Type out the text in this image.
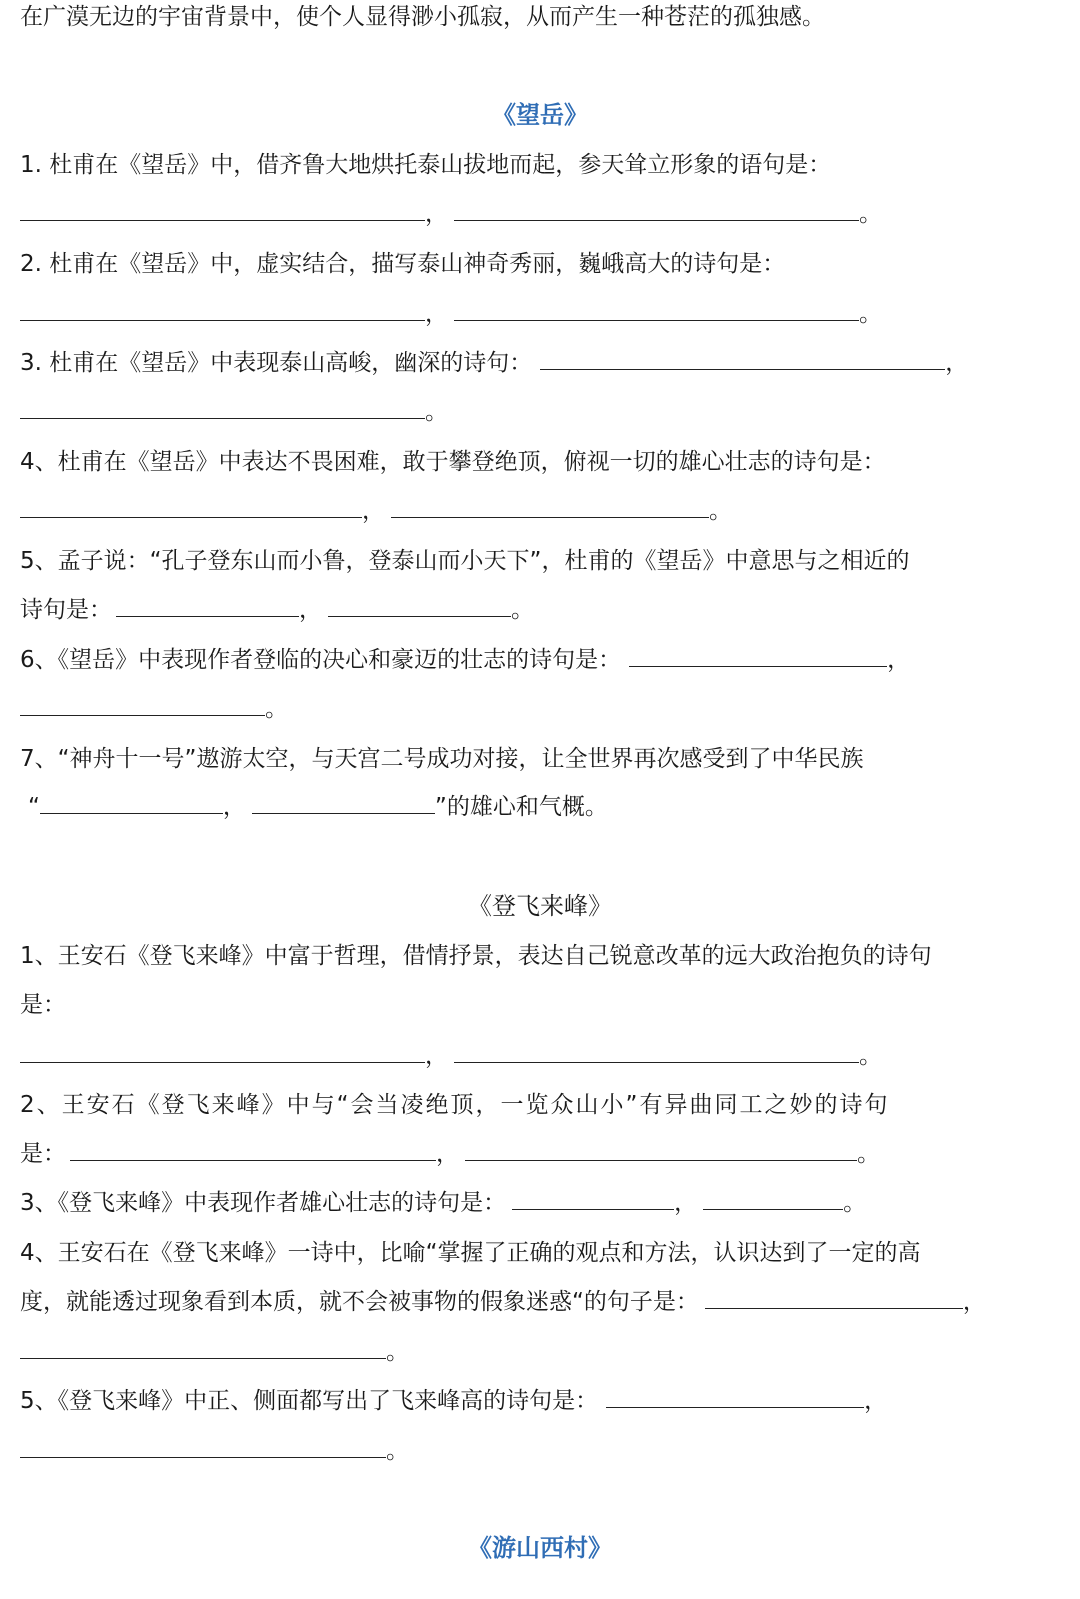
在广漠无边的宇宙背景中，使个人显得渺小孤寂，从而产生一种苍茫的孤独感。
《望岳》
1. 杜甫在《望岳》中，借齐鲁大地烘托泰山拔地而起，参天耸立形象的语句是：
，	。
2. 杜甫在《望岳》中，虚实结合，描写泰山神奇秀丽，巍峨高大的诗句是：
，	。
3. 杜甫在《望岳》中表现泰山高峻，幽深的诗句：	，
。
4、杜甫在《望岳》中表达不畏困难，敢于攀登绝顶，俯视一切的雄心壮志的诗句是：
，	。
5、孟子说：“孔子登东山而小鲁，登泰山而小天下”，杜甫的《望岳》中意思与之相近的
诗句是：	，	。
6、《望岳》中表现作者登临的决心和豪迈的壮志的诗句是：	，
。
7、“神舟十一号”遨游太空，与天宫二号成功对接，让全世界再次感受到了中华民族
“	，	”的雄心和气概。
《登飞来峰》
1、王安石《登飞来峰》中富于哲理，借情抒景，表达自己锐意改革的远大政治抱负的诗句
是：
，	。
2、王安石《登飞来峰》中与“会当凌绝顶，一览众山小”有异曲同工之妙的诗句
是：	，	。
3、《登飞来峰》中表现作者雄心壮志的诗句是：	，	。
4、王安石在《登飞来峰》一诗中，比喻“掌握了正确的观点和方法，认识达到了一定的高
度，就能透过现象看到本质，就不会被事物的假象迷惑“的句子是：	，
。
5、《登飞来峰》中正、侧面都写出了飞来峰高的诗句是：	，
。
《游山西村》
